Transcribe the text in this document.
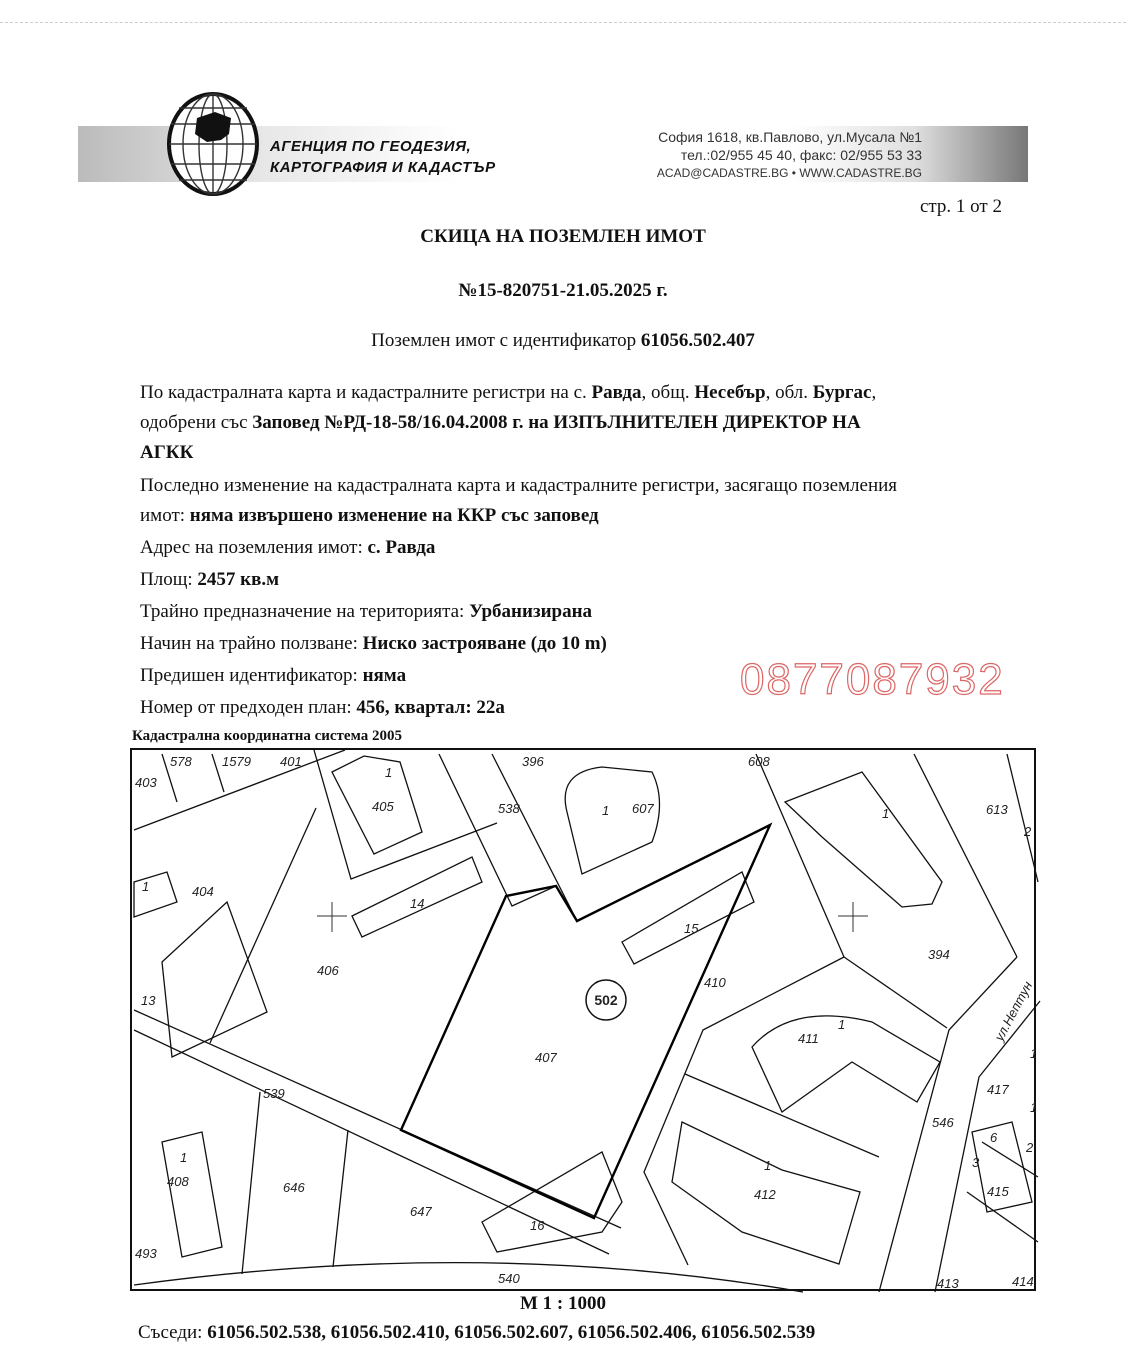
АГЕНЦИЯ ПО ГЕОДЕЗИЯ,
КАРТОГРАФИЯ И КАДАСТЪР
София 1618, кв.Павлово, ул.Мусала №1
тел.:02/955 45 40, факс: 02/955 53 33
ACAD@CADASTRE.BG • WWW.CADASTRE.BG
стр. 1 от 2
СКИЦА НА ПОЗЕМЛЕН ИМОТ
№15-820751-21.05.2025 г.
Поземлен имот с идентификатор 61056.502.407
По кадастралната карта и кадастралните регистри на с. Равда, общ. Несебър, обл. Бургас,
одобрени със Заповед №РД-18-58/16.04.2008 г. на ИЗПЪЛНИТЕЛЕН ДИРЕКТОР НА
АГКК
Последно изменение на кадастралната карта и кадастралните регистри, засягащо поземления
имот: няма извършено изменение на ККР със заповед
Адрес на поземления имот: с. Равда
Площ: 2457 кв.м
Трайно предназначение на територията: Урбанизирана
Начин на трайно ползване: Ниско застрояване (до 10 m)
Предишен идентификатор: няма
Номер от предходен план: 456, квартал: 22а
0877087932
Кадастрална координатна система 2005
502	ул.Нептун
578 1579 401
403
396	608
613
2
1
405	538	1 607	1
404
14
406
15
394
410
13
411
1
407
539	417
546
3
408	646
647
16
1
412	415
493
540	413	414
1
1
1
6
2
1
М 1 : 1000
Съседи: 61056.502.538, 61056.502.410, 61056.502.607, 61056.502.406, 61056.502.539
